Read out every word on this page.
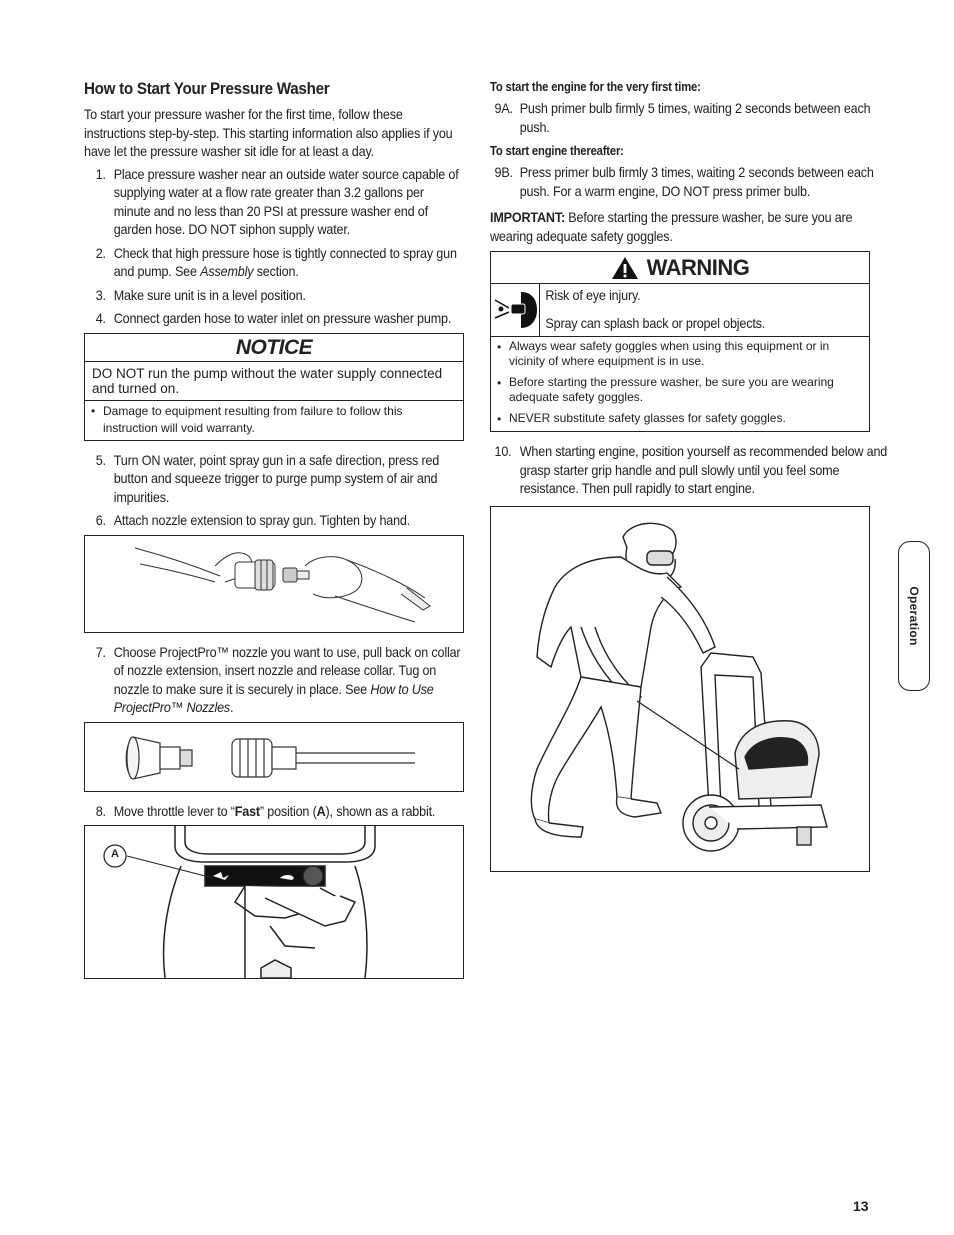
How to Start Your Pressure Washer

To start your pressure washer for the first time, follow these instructions step-by-step. This starting information also applies if you have let the pressure washer sit idle for at least a day.

1. Place pressure washer near an outside water source capable of supplying water at a flow rate greater than 3.2 gallons per minute and no less than 20 PSI at pressure washer end of garden hose. DO NOT siphon supply water.
2. Check that high pressure hose is tightly connected to spray gun and pump. See Assembly section.
3. Make sure unit is in a level position.
4. Connect garden hose to water inlet on pressure washer pump.
NOTICE
DO NOT run the pump without the water supply connected and turned on.
• Damage to equipment resulting from failure to follow this instruction will void warranty.
5. Turn ON water, point spray gun in a safe direction, press red button and squeeze trigger to purge pump system of air and impurities.
6. Attach nozzle extension to spray gun. Tighten by hand.
7. Choose ProjectPro™ nozzle you want to use, pull back on collar of nozzle extension, insert nozzle and release collar. Tug on nozzle to make sure it is securely in place. See How to Use ProjectPro™ Nozzles.
8. Move throttle lever to “Fast” position (A), shown as a rabbit.
A
To start the engine for the very first time:

9A. Push primer bulb firmly 5 times, waiting 2 seconds between each push.

To start engine thereafter:

9B. Press primer bulb firmly 3 times, waiting 2 seconds between each push. For a warm engine, DO NOT press primer bulb.

IMPORTANT: Before starting the pressure washer, be sure you are wearing adequate safety goggles.

WARNING

Risk of eye injury.

Spray can splash back or propel objects.

• Always wear safety goggles when using this equipment or in vicinity of where equipment is in use.
• Before starting the pressure washer, be sure you are wearing adequate safety goggles.
• NEVER substitute safety glasses for safety goggles.

10. When starting engine, position yourself as recommended below and grasp starter grip handle and pull slowly until you feel some resistance. Then pull rapidly to start engine.

Operation
13
